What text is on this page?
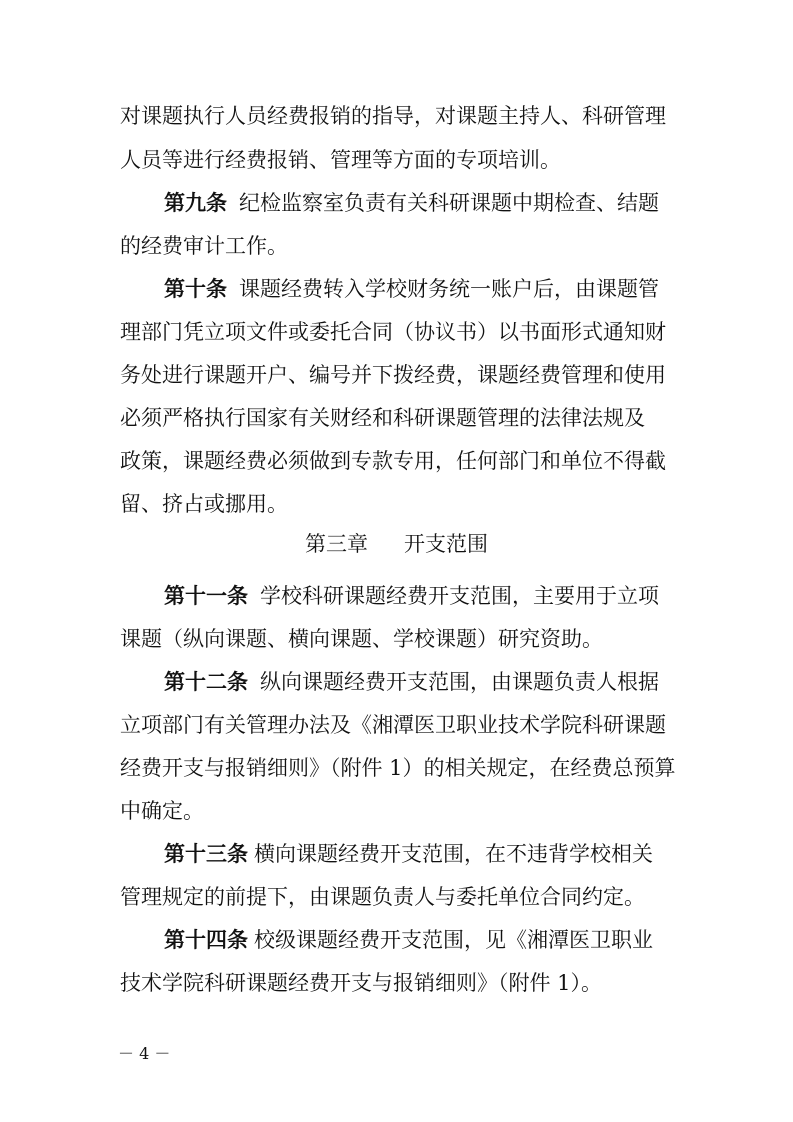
对课题执行人员经费报销的指导，对课题主持人、科研管理
人员等进行经费报销、管理等方面的专项培训。
第九条 纪检监察室负责有关科研课题中期检查、结题
的经费审计工作。
第十条 课题经费转入学校财务统一账户后，由课题管
理部门凭立项文件或委托合同（协议书）以书面形式通知财
务处进行课题开户、编号并下拨经费，课题经费管理和使用
必须严格执行国家有关财经和科研课题管理的法律法规及
政策，课题经费必须做到专款专用，任何部门和单位不得截
留、挤占或挪用。
第三章 开支范围
第十一条 学校科研课题经费开支范围，主要用于立项
课题（纵向课题、横向课题、学校课题）研究资助。
第十二条 纵向课题经费开支范围，由课题负责人根据
立项部门有关管理办法及《湘潭医卫职业技术学院科研课题
经费开支与报销细则》（附件 1）的相关规定，在经费总预算
中确定。
第十三条 横向课题经费开支范围，在不违背学校相关
管理规定的前提下，由课题负责人与委托单位合同约定。
第十四条 校级课题经费开支范围，见《湘潭医卫职业
技术学院科研课题经费开支与报销细则》（附件 1）。
－ 4 －
